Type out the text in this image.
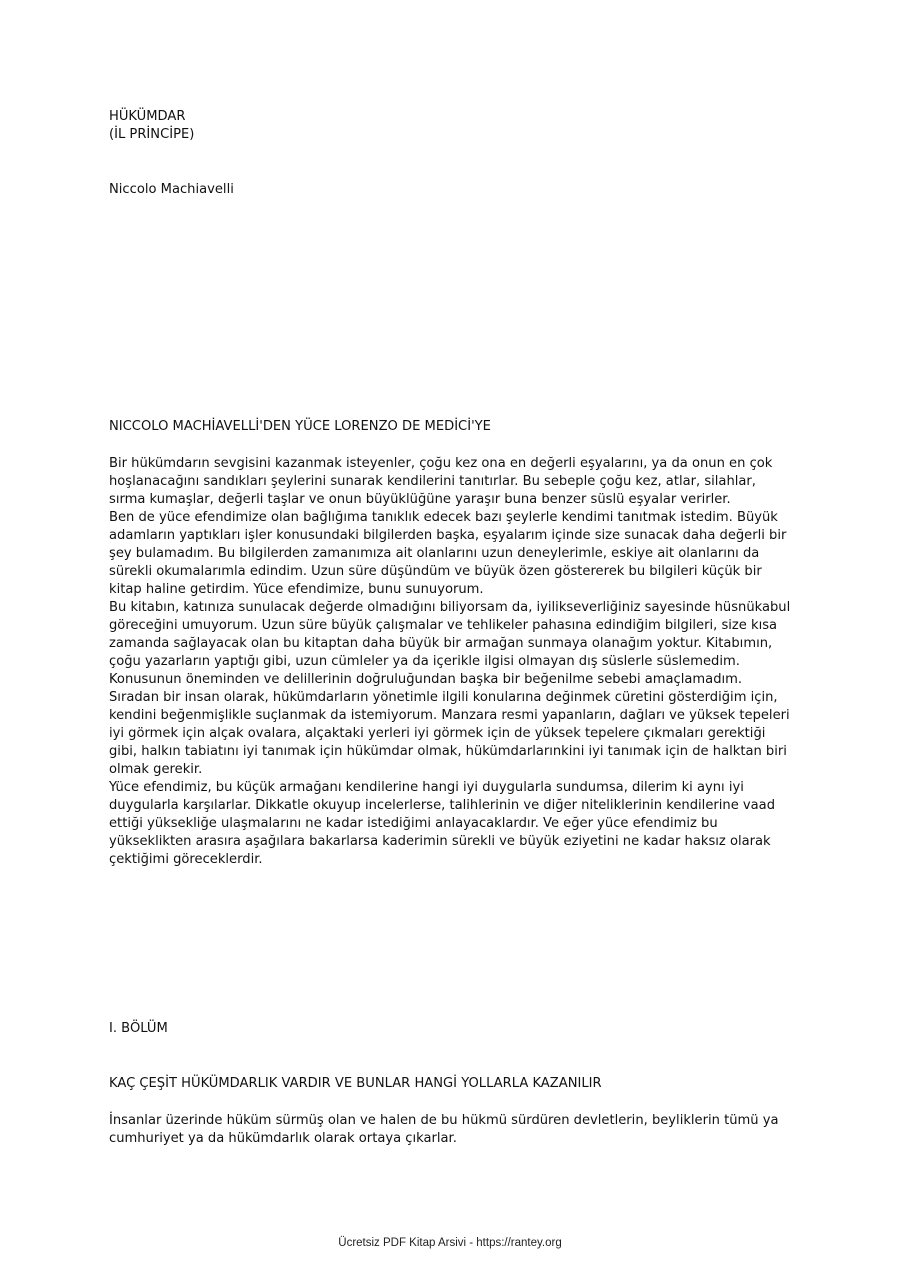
HÜKÜMDAR
(İL PRİNCİPE)
Niccolo Machiavelli
NICCOLO MACHİAVELLİ'DEN YÜCE LORENZO DE MEDİCİ'YE

Bir hükümdarın sevgisini kazanmak isteyenler, çoğu kez ona en değerli eşyalarını, ya da onun en çok hoşlanacağını sandıkları şeylerini sunarak kendilerini tanıtırlar. Bu sebeple çoğu kez, atlar, silahlar, sırma kumaşlar, değerli taşlar ve onun büyüklüğüne yaraşır buna benzer süslü eşyalar verirler.

Ben de yüce efendimize olan bağlığıma tanıklık edecek bazı şeylerle kendimi tanıtmak istedim. Büyük adamların yaptıkları işler konusundaki bilgilerden başka, eşyalarım içinde size sunacak daha değerli bir şey bulamadım. Bu bilgilerden zamanımıza ait olanlarını uzun deneylerimle, eskiye ait olanlarını da sürekli okumalarımla edindim. Uzun süre düşündüm ve büyük özen göstererek bu bilgileri küçük bir kitap haline getirdim. Yüce efendimize, bunu sunuyorum.

Bu kitabın, katınıza sunulacak değerde olmadığını biliyorsam da, iyilikseverliğiniz sayesinde hüsnükabul göreceğini umuyorum. Uzun süre büyük çalışmalar ve tehlikeler pahasına edindiğim bilgileri, size kısa zamanda sağlayacak olan bu kitaptan daha büyük bir armağan sunmaya olanağım yoktur. Kitabımın, çoğu yazarların yaptığı gibi, uzun cümleler ya da içerikle ilgisi olmayan dış süslerle süslemedim. Konusunun öneminden ve delillerinin doğruluğundan başka bir beğenilme sebebi amaçlamadım.

Sıradan bir insan olarak, hükümdarların yönetimle ilgili konularına değinmek cüretini gösterdiğim için, kendini beğenmişlikle suçlanmak da istemiyorum. Manzara resmi yapanların, dağları ve yüksek tepeleri iyi görmek için alçak ovalara, alçaktaki yerleri iyi görmek için de yüksek tepelere çıkmaları gerektiği gibi, halkın tabiatını iyi tanımak için hükümdar olmak, hükümdarlarınkini iyi tanımak için de halktan biri olmak gerekir.

Yüce efendimiz, bu küçük armağanı kendilerine hangi iyi duygularla sundumsa, dilerim ki aynı iyi duygularla karşılarlar. Dikkatle okuyup incelerlerse, talihlerinin ve diğer niteliklerinin kendilerine vaad ettiği yüksekliğe ulaşmalarını ne kadar istediğimi anlayacaklardır. Ve eğer yüce efendimiz bu yükseklikten arasıra aşağılara bakarlarsa kaderimin sürekli ve büyük eziyetini ne kadar haksız olarak çektiğimi göreceklerdir.

I. BÖLÜM
KAÇ ÇEŞİT HÜKÜMDARLIK VARDIR VE BUNLAR HANGİ YOLLARLA KAZANILIR
İnsanlar üzerinde hüküm sürmüş olan ve halen de bu hükmü sürdüren devletlerin, beyliklerin tümü ya cumhuriyet ya da hükümdarlık olarak ortaya çıkarlar.
Ücretsiz PDF Kitap Arsivi - https://rantey.org
